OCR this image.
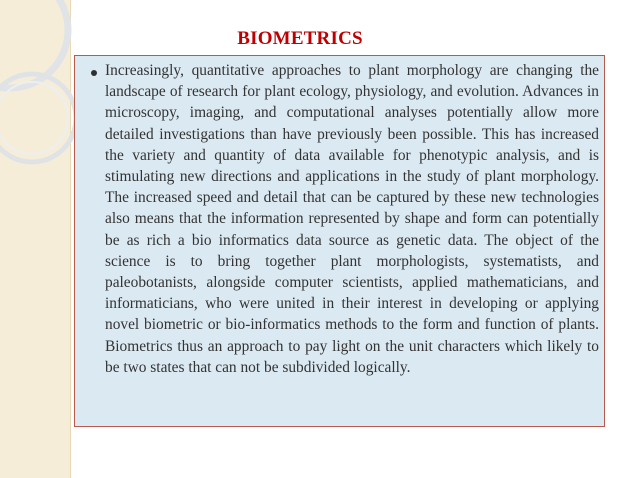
BIOMETRICS

Increasingly, quantitative approaches to plant morphology are changing the landscape of research for plant ecology, physiology, and evolution. Advances in microscopy, imaging, and computational analyses potentially allow more detailed investigations than have previously been possible. This has increased the variety and quantity of data available for phenotypic analysis, and is stimulating new directions and applications in the study of plant morphology. The increased speed and detail that can be captured by these new technologies also means that the information represented by shape and form can potentially be as rich a bio informatics data source as genetic data. The object of the science is to bring together plant morphologists, systematists, and paleobotanists, alongside computer scientists, applied mathematicians, and informaticians, who were united in their interest in developing or applying novel biometric or bio-informatics methods to the form and function of plants. Biometrics thus an approach to pay light on the unit characters which likely to be two states that can not be subdivided logically.
